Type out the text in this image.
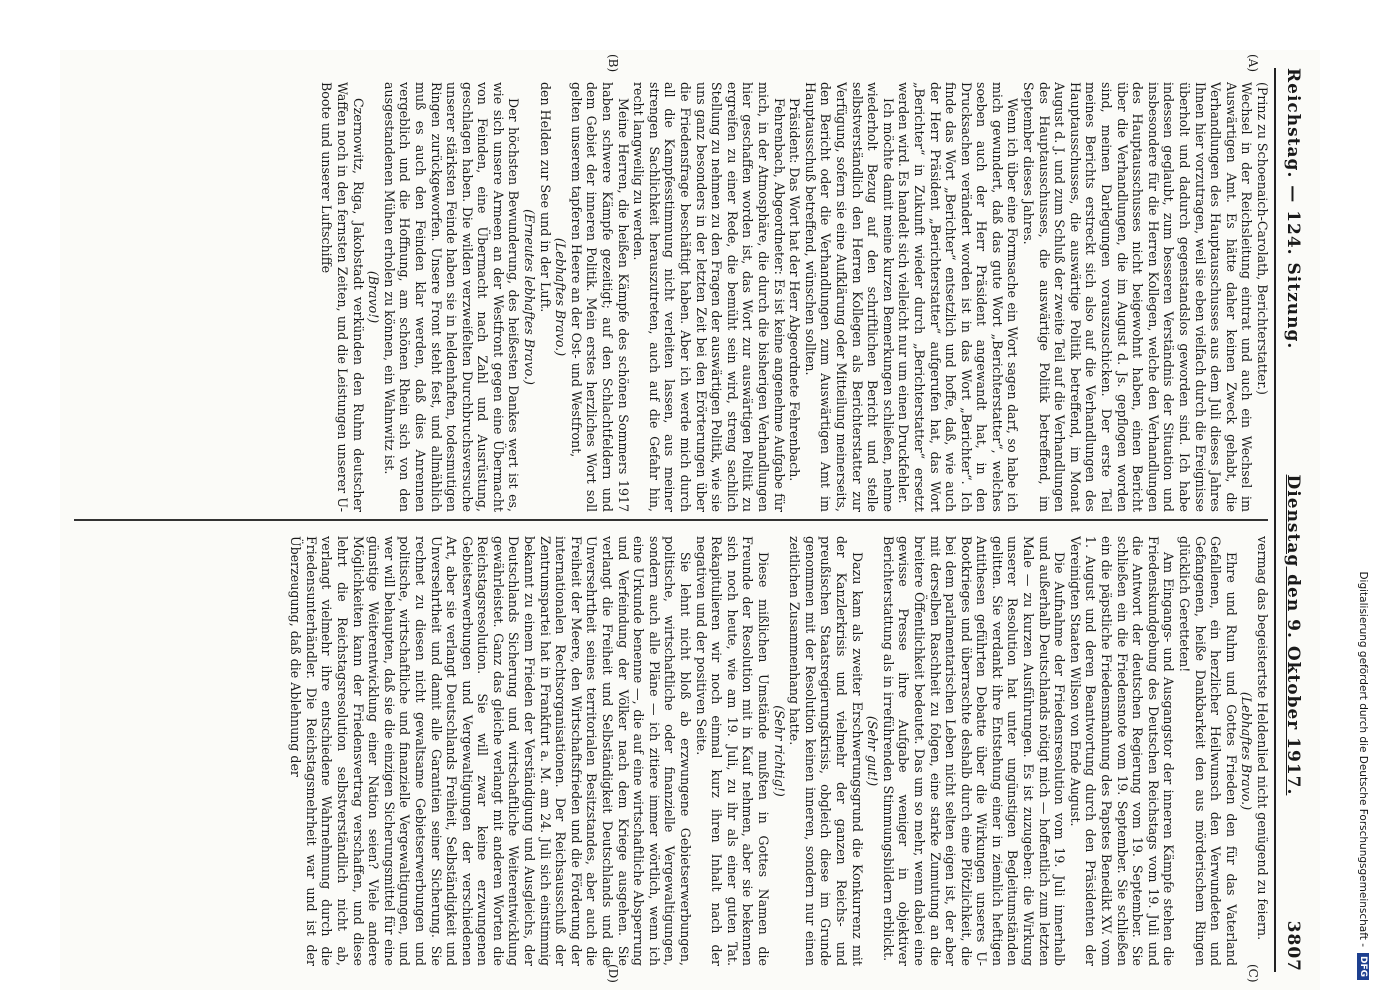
Reichstag. — 124. Sitzung.
Dienstag den 9. Oktober 1917.
3807
(A)
(B)
(C)
(D)

(Prinz zu Schoenaich-Carolath, Berichterstatter.)

Wechsel in der Reichsleitung eintrat und auch ein Wechsel im Auswärtigen Amt. Es hätte daher keinen Zweck gehabt, die Verhandlungen des Hauptausschusses aus dem Juli dieses Jahres Ihnen hier vorzutragen, weil sie eben vielfach durch die Ereignisse überholt und dadurch gegenstandslos geworden sind. Ich habe indessen geglaubt, zum besseren Verständnis der Situation und insbesondere für die Herren Kollegen, welche den Verhandlungen des Hauptausschusses nicht beigewohnt haben, einen Bericht über die Verhandlungen, die im August d. Js. gepflogen worden sind, meinen Darlegungen vorauszuschicken. Der erste Teil meines Berichts erstreckt sich also auf die Verhandlungen des Hauptausschusses, die auswärtige Politik betreffend, im Monat August d. J. und zum Schluß der zweite Teil auf die Verhandlungen des Hauptausschusses, die auswärtige Politik betreffend, im September dieses Jahres.

Wenn ich über eine Formsache ein Wort sagen darf, so habe ich mich gewundert, daß das gute Wort „Berichterstatter“, welches soeben auch der Herr Präsident angewandt hat, in den Drucksachen verändert worden ist in das Wort „Berichter“. Ich finde das Wort „Berichter“ entsetzlich und hoffe, daß, wie auch der Herr Präsident „Berichterstatter“ aufgerufen hat, das Wort „Berichter“ in Zukunft wieder durch „Berichterstatter“ ersetzt werden wird. Es handelt sich vielleicht nur um einen Druckfehler.

Ich möchte damit meine kurzen Bemerkungen schließen, nehme wiederholt Bezug auf den schriftlichen Bericht und stelle selbstverständlich den Herren Kollegen als Berichterstatter zur Verfügung, sofern sie eine Aufklärung oder Mitteilung meinerseits, den Bericht oder die Verhandlungen zum Auswärtigen Amt im Hauptausschuß betreffend, wünschen sollten.

Präsident: Das Wort hat der Herr Abgeordnete Fehrenbach.

Fehrenbach, Abgeordneter: Es ist keine angenehme Aufgabe für mich, in der Atmosphäre, die durch die bisherigen Verhandlungen hier geschaffen worden ist, das Wort zur auswärtigen Politik zu ergreifen zu einer Rede, die bemüht sein wird, streng sachlich Stellung zu nehmen zu den Fragen der auswärtigen Politik, wie sie uns ganz besonders in der letzten Zeit bei den Erörterungen über die Friedensfrage beschäftigt haben. Aber ich werde mich durch all die Kampfesstimmung nicht verleiten lassen, aus meiner strengen Sachlichkeit herauszutreten, auch auf die Gefahr hin, recht langweilig zu werden.

Meine Herren, die heißen Kämpfe des schönen Sommers 1917 haben schwere Kämpfe gezeitigt; auf den Schlachtfeldern und dem Gebiet der inneren Politik. Mein erstes herzliches Wort soll gelten unserem tapferen Heere an der Ost- und Westfront,

(Lebhaftes Bravo.)

den Helden zur See und in der Luft.

(Erneutes lebhaftes Bravo.)

Der höchsten Bewunderung, des heißesten Dankes wert ist es, wie sich unsere Armeen an der Westfront gegen eine Übermacht von Feinden, eine Übermacht nach Zahl und Ausrüstung, geschlagen haben. Die wilden verzweifelten Durchbruchsversuche unserer stärksten Feinde haben sie in heldenhaften, todesmutigen Ringen zurückgeworfen. Unsere Front steht fest, und allmählich muß es auch den Feinden klar werden, daß dies Anrennen vergeblich und die Hoffnung, am schönen Rhein sich von den ausgestandenen Mühen erholen zu können, ein Wahnwitz ist.

(Bravo!)

Czernowitz, Riga, Jakobstadt verkünden den Ruhm deutscher Waffen noch in den fernsten Zeiten, und die Leistungen unserer U-Boote und unserer Luftschiffe

vermag das begeistertste Heldenlied nicht genügend zu feiern.

(Lebhaftes Bravo.)

Ehre und Ruhm und Gottes Frieden den für das Vaterland Gefallenen, ein herzlicher Heilwunsch den Verwundeten und Gefangenen, heiße Dankbarkeit den aus mörderischem Ringen glücklich Geretteten!

Am Eingangs- und Ausgangstor der inneren Kämpfe stehen die Friedenskundgebung des Deutschen Reichstags vom 19. Juli und die Antwort der deutschen Regierung vom 19. September. Sie schließen ein die Friedensnote vom 19. September. Sie schließen ein die päpstliche Friedensmahnung des Papstes Benedikt XV. vom 1. August und deren Beantwortung durch den Präsidenten der Vereinigten Staaten Wilson von Ende August.

Die Aufnahme der Friedensresolution vom 19. Juli innerhalb und außerhalb Deutschlands nötigt mich — hoffentlich zum letzten Male — zu kurzen Ausführungen. Es ist zuzugeben: die Wirkung unserer Resolution hat unter ungünstigen Begleitumständen gelitten. Sie verdankt ihre Entstehung einer in ziemlich heftigen Antithesen geführten Debatte über die Wirkungen unseres U-Bootkrieges und überraschte deshalb durch eine Plötzlichkeit, die bei dem parlamentarischen Leben nicht selten eigen ist, der aber mit derselben Raschheit zu folgen, eine starke Zumutung an die breitere Öffentlichkeit bedeutet. Das um so mehr, wenn dabei eine gewisse Presse ihre Aufgabe weniger in objektiver Berichterstattung als in irreführenden Stimmungsbildern erblickt.

(Sehr gut!)

Dazu kam als zweiter Erschwerungsgrund die Konkurrenz mit der Kanzlerkrisis und vielmehr der ganzen Reichs- und preußischen Staatsregierungskrisis, obgleich diese im Grunde genommen mit der Resolution keinen inneren, sondern nur einen zeitlichen Zusammenhang hatte.

(Sehr richtig!)

Diese mißlichen Umstände mußten in Gottes Namen die Freunde der Resolution mit in Kauf nehmen, aber sie bekennen sich noch heute, wie am 19. Juli, zu ihr als einer guten Tat. Rekapitulieren wir noch einmal kurz ihren Inhalt nach der negativen und der positiven Seite.

Sie lehnt nicht bloß ab erzwungene Gebietserwerbungen, politische, wirtschaftliche oder finanzielle Vergewaltigungen, sondern auch alle Pläne — ich zitiere immer wörtlich, wenn ich eine Urkunde benenne —, die auf eine wirtschaftliche Absperrung und Verfeindung der Völker nach dem Kriege ausgehen. Sie verlangt die Freiheit und Selbständigkeit Deutschlands und die Unversehrtheit seines territorialen Besitzstandes, aber auch die Freiheit der Meere, den Wirtschaftsfrieden und die Förderung der internationalen Rechtsorganisationen. Der Reichsausschuß der Zentrumspartei hat in Frankfurt a. M. am 24. Juli sich einstimmig bekannt zu einem Frieden der Verständigung und Ausgleichs, der Deutschlands Sicherung und wirtschaftliche Weiterentwicklung gewährleistet. Ganz das gleiche verlangt mit anderen Worten die Reichstagsresolution. Sie will zwar keine erzwungenen Gebietserwerbungen und Vergewaltigungen der verschiedenen Art, aber sie verlangt Deutschlands Freiheit, Selbständigkeit und Unversehrtheit und damit alle Garantien seiner Sicherung. Sie rechnet zu diesen nicht gewaltsame Gebietserwerbungen und politische, wirtschaftliche und finanzielle Vergewaltigungen, und wer will behaupten, daß sie die einzigen Sicherungsmittel für eine günstige Weiterentwicklung einer Nation seien? Viele andere Möglichkeiten kann der Friedensvertrag verschaffen, und diese lehrt die Reichstagsresolution selbstverständlich nicht ab, verlangt vielmehr ihre entschiedene Wahrnehmung durch die Friedensunterhändler. Die Reichstagsmehrheit war und ist der Überzeugung, daß die Ablehnung der	Digitalisierung gefördert durch die Deutsche Forschungsgemeinschaft -
DFG
